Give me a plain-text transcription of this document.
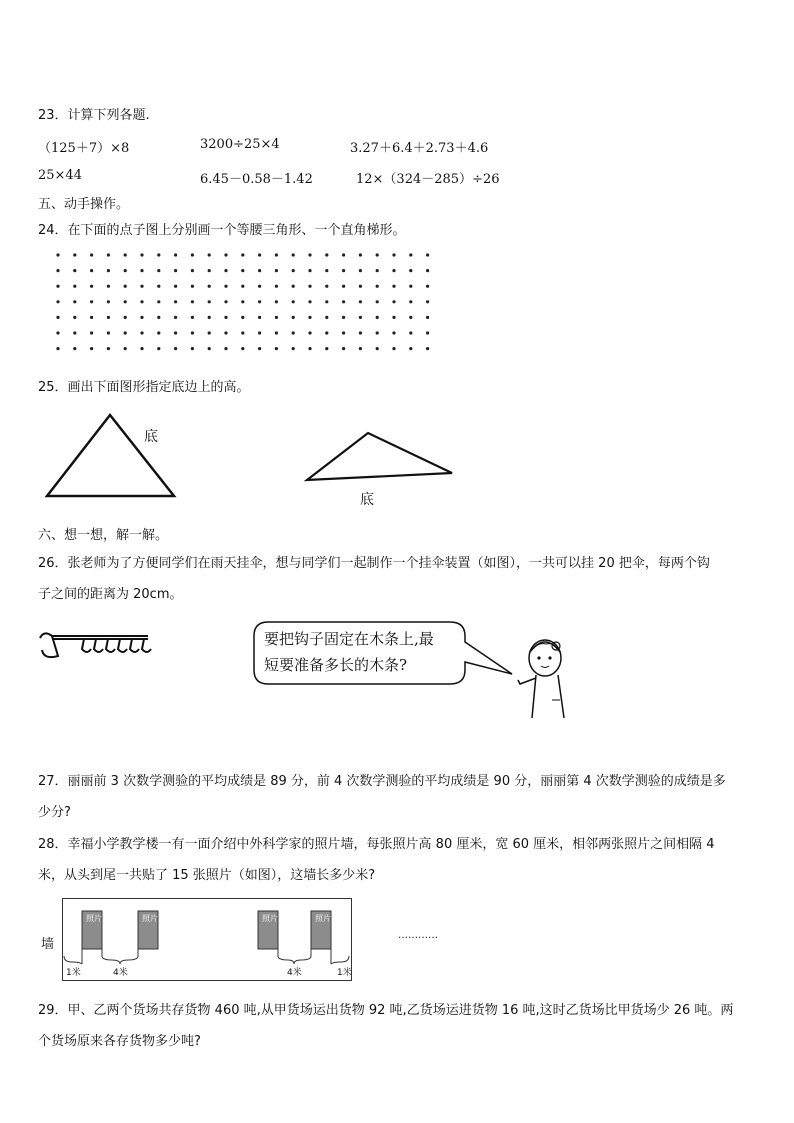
23．计算下列各题.
（125＋7）×8	3200÷25×4	3.27＋6.4＋2.73＋4.6
25×44	6.45－0.58－1.42	12×（324－285）÷26
五、动手操作。
24．在下面的点子图上分别画一个等腰三角形、一个直角梯形。
25．画出下面图形指定底边上的高。
底
底
六、想一想，解一解。
26．张老师为了方便同学们在雨天挂伞，想与同学们一起制作一个挂伞装置（如图），一共可以挂 20 把伞，每两个钩
子之间的距离为 20cm。
要把钩子固定在木条上,最
短要准备多长的木条?
27．丽丽前 3 次数学测验的平均成绩是 89 分，前 4 次数学测验的平均成绩是 90 分，丽丽第 4 次数学测验的成绩是多
少分?
28．幸福小学教学楼一有一面介绍中外科学家的照片墙，每张照片高 80 厘米，宽 60 厘米，相邻两张照片之间相隔 4
米，从头到尾一共贴了 15 张照片（如图），这墙长多少米?
墙
照片	照片	照片	照片
1米	4米	4米	1米
…………
29．甲、乙两个货场共存货物 460 吨,从甲货场运出货物 92 吨,乙货场运进货物 16 吨,这时乙货场比甲货场少 26 吨。两
个货场原来各存货物多少吨?
